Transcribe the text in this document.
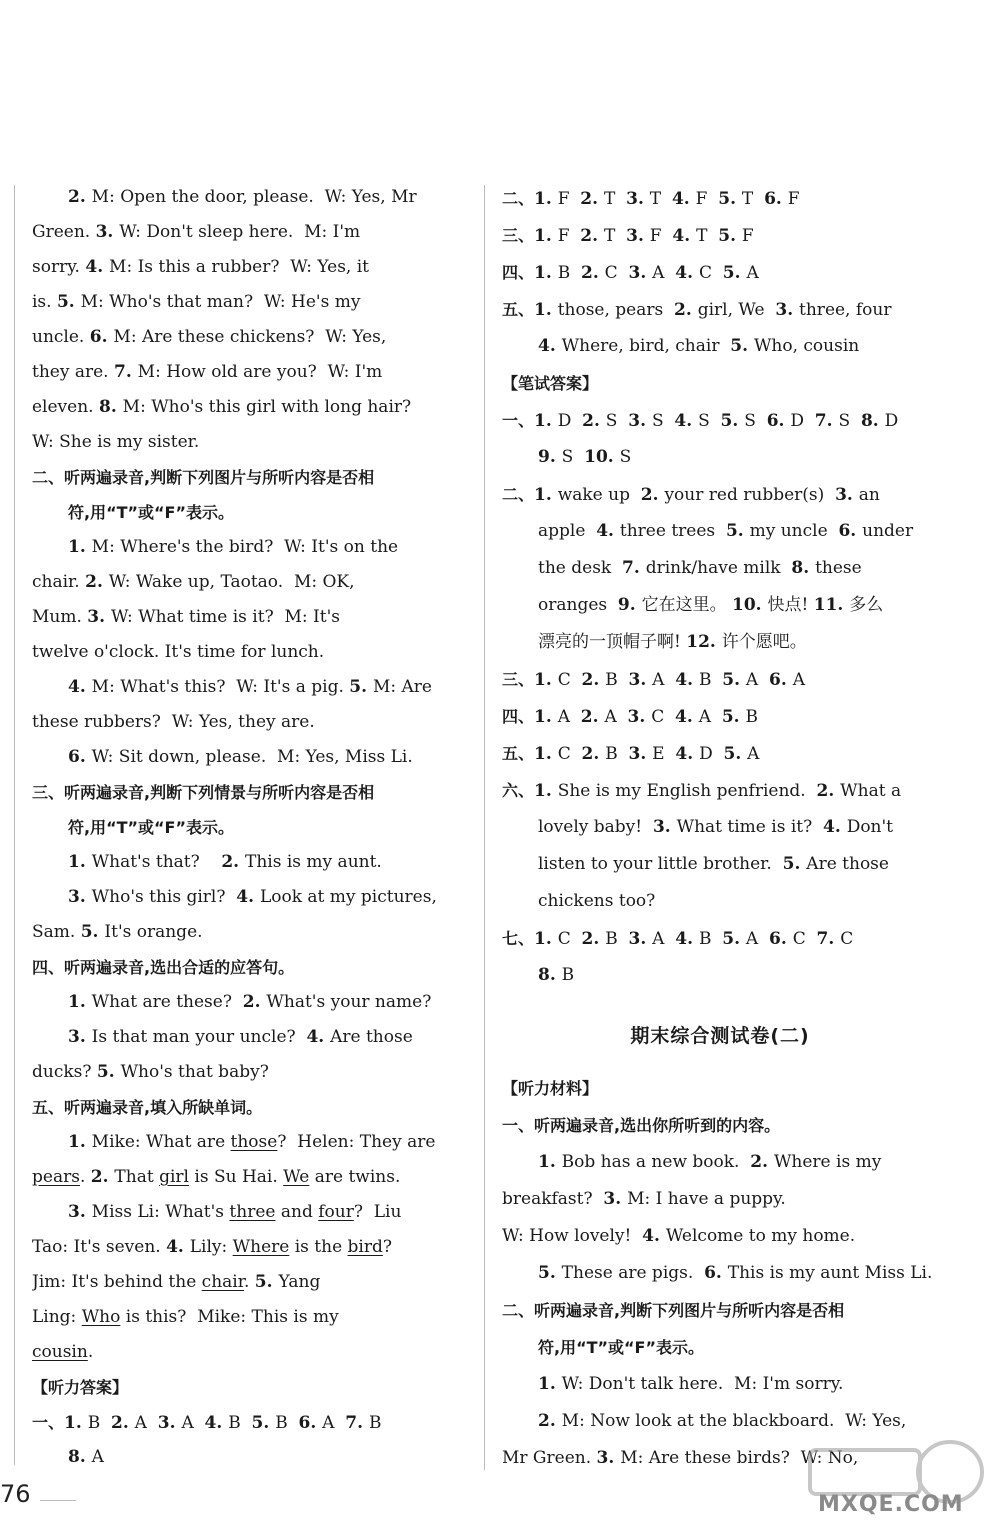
2. M: Open the door, please.  W: Yes, Mr
Green. 3. W: Don't sleep here.  M: I'm
sorry. 4. M: Is this a rubber?  W: Yes, it
is. 5. M: Who's that man?  W: He's my
uncle. 6. M: Are these chickens?  W: Yes,
they are. 7. M: How old are you?  W: I'm
eleven. 8. M: Who's this girl with long hair?
W: She is my sister.
二、听两遍录音,判断下列图片与所听内容是否相
符,用“T”或“F”表示。
1. M: Where's the bird?  W: It's on the
chair. 2. W: Wake up, Taotao.  M: OK,
Mum. 3. W: What time is it?  M: It's
twelve o'clock. It's time for lunch.
4. M: What's this?  W: It's a pig. 5. M: Are
these rubbers?  W: Yes, they are.
6. W: Sit down, please.  M: Yes, Miss Li.
三、听两遍录音,判断下列情景与所听内容是否相
符,用“T”或“F”表示。
1. What's that?    2. This is my aunt.
3. Who's this girl?  4. Look at my pictures,
Sam. 5. It's orange.
四、听两遍录音,选出合适的应答句。
1. What are these?  2. What's your name?
3. Is that man your uncle?  4. Are those
ducks? 5. Who's that baby?
五、听两遍录音,填入所缺单词。
1. Mike: What are those?  Helen: They are
pears. 2. That girl is Su Hai. We are twins.
3. Miss Li: What's three and four?  Liu
Tao: It's seven. 4. Lily: Where is the bird?
Jim: It's behind the chair. 5. Yang
Ling: Who is this?  Mike: This is my
cousin.
【听力答案】
一、1. B  2. A  3. A  4. B  5. B  6. A  7. B
8. A
二、1. F  2. T  3. T  4. F  5. T  6. F
三、1. F  2. T  3. F  4. T  5. F
四、1. B  2. C  3. A  4. C  5. A
五、1. those, pears  2. girl, We  3. three, four
4. Where, bird, chair  5. Who, cousin
【笔试答案】
一、1. D  2. S  3. S  4. S  5. S  6. D  7. S  8. D
9. S  10. S
二、1. wake up  2. your red rubber(s)  3. an
apple  4. three trees  5. my uncle  6. under
the desk  7. drink/have milk  8. these
oranges  9. 它在这里。 10. 快点! 11. 多么
漂亮的一顶帽子啊! 12. 许个愿吧。
三、1. C  2. B  3. A  4. B  5. A  6. A
四、1. A  2. A  3. C  4. A  5. B
五、1. C  2. B  3. E  4. D  5. A
六、1. She is my English penfriend.  2. What a
lovely baby!  3. What time is it?  4. Don't
listen to your little brother.  5. Are those
chickens too?
七、1. C  2. B  3. A  4. B  5. A  6. C  7. C
8. B
期末综合测试卷(二)
【听力材料】
一、听两遍录音,选出你所听到的内容。
1. Bob has a new book.  2. Where is my
breakfast?  3. M: I have a puppy.
W: How lovely!  4. Welcome to my home.
5. These are pigs.  6. This is my aunt Miss Li.
二、听两遍录音,判断下列图片与所听内容是否相
符,用“T”或“F”表示。
1. W: Don't talk here.  M: I'm sorry.
2. M: Now look at the blackboard.  W: Yes,
Mr Green. 3. M: Are these birds?  W: No,
76	MXQE.COM
